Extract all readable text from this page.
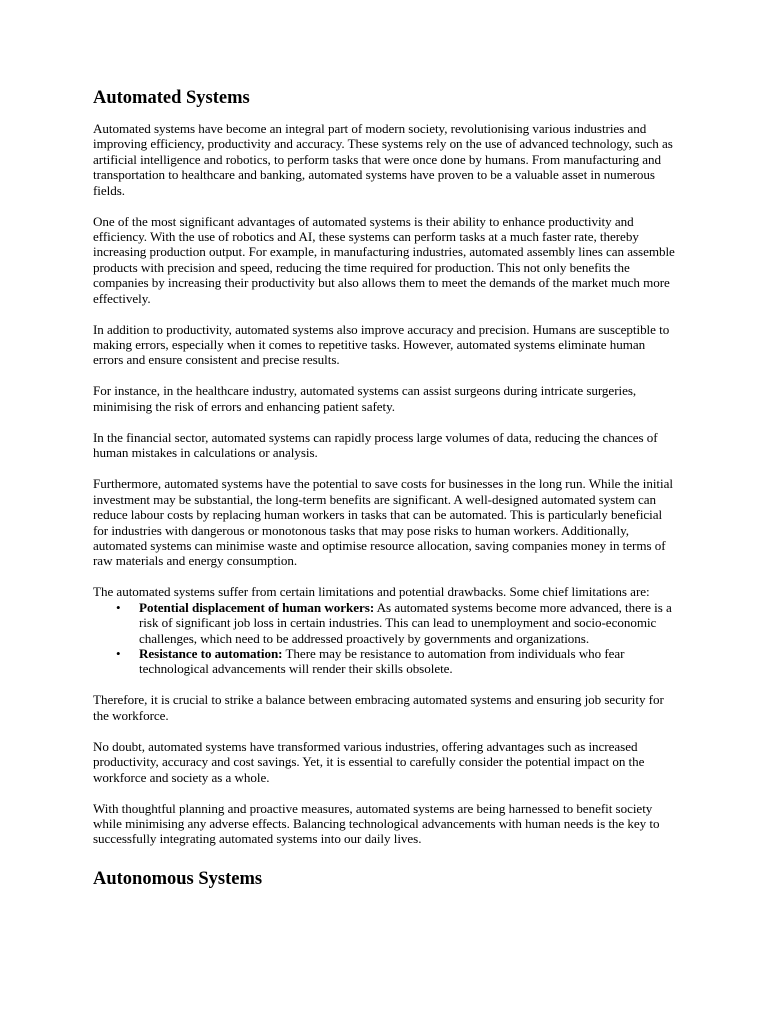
Automated Systems

Automated systems have become an integral part of modern society, revolutionising various industries and improving efficiency, productivity and accuracy. These systems rely on the use of advanced technology, such as artificial intelligence and robotics, to perform tasks that were once done by humans. From manufacturing and transportation to healthcare and banking, automated systems have proven to be a valuable asset in numerous fields.

One of the most significant advantages of automated systems is their ability to enhance productivity and efficiency. With the use of robotics and AI, these systems can perform tasks at a much faster rate, thereby increasing production output. For example, in manufacturing industries, automated assembly lines can assemble products with precision and speed, reducing the time required for production. This not only benefits the companies by increasing their productivity but also allows them to meet the demands of the market much more effectively.

In addition to productivity, automated systems also improve accuracy and precision. Humans are susceptible to making errors, especially when it comes to repetitive tasks. However, automated systems eliminate human errors and ensure consistent and precise results.

For instance, in the healthcare industry, automated systems can assist surgeons during intricate surgeries, minimising the risk of errors and enhancing patient safety.

In the financial sector, automated systems can rapidly process large volumes of data, reducing the chances of human mistakes in calculations or analysis.

Furthermore, automated systems have the potential to save costs for businesses in the long run. While the initial investment may be substantial, the long-term benefits are significant. A well-designed automated system can reduce labour costs by replacing human workers in tasks that can be automated. This is particularly beneficial for industries with dangerous or monotonous tasks that may pose risks to human workers. Additionally, automated systems can minimise waste and optimise resource allocation, saving companies money in terms of raw materials and energy consumption.

The automated systems suffer from certain limitations and potential drawbacks. Some chief limitations are:

• Potential displacement of human workers: As automated systems become more advanced, there is a risk of significant job loss in certain industries. This can lead to unemployment and socio-economic challenges, which need to be addressed proactively by governments and organizations.
• Resistance to automation: There may be resistance to automation from individuals who fear technological advancements will render their skills obsolete.

Therefore, it is crucial to strike a balance between embracing automated systems and ensuring job security for the workforce.

No doubt, automated systems have transformed various industries, offering advantages such as increased productivity, accuracy and cost savings. Yet, it is essential to carefully consider the potential impact on the workforce and society as a whole.

With thoughtful planning and proactive measures, automated systems are being harnessed to benefit society while minimising any adverse effects. Balancing technological advancements with human needs is the key to successfully integrating automated systems into our daily lives.

Autonomous Systems
